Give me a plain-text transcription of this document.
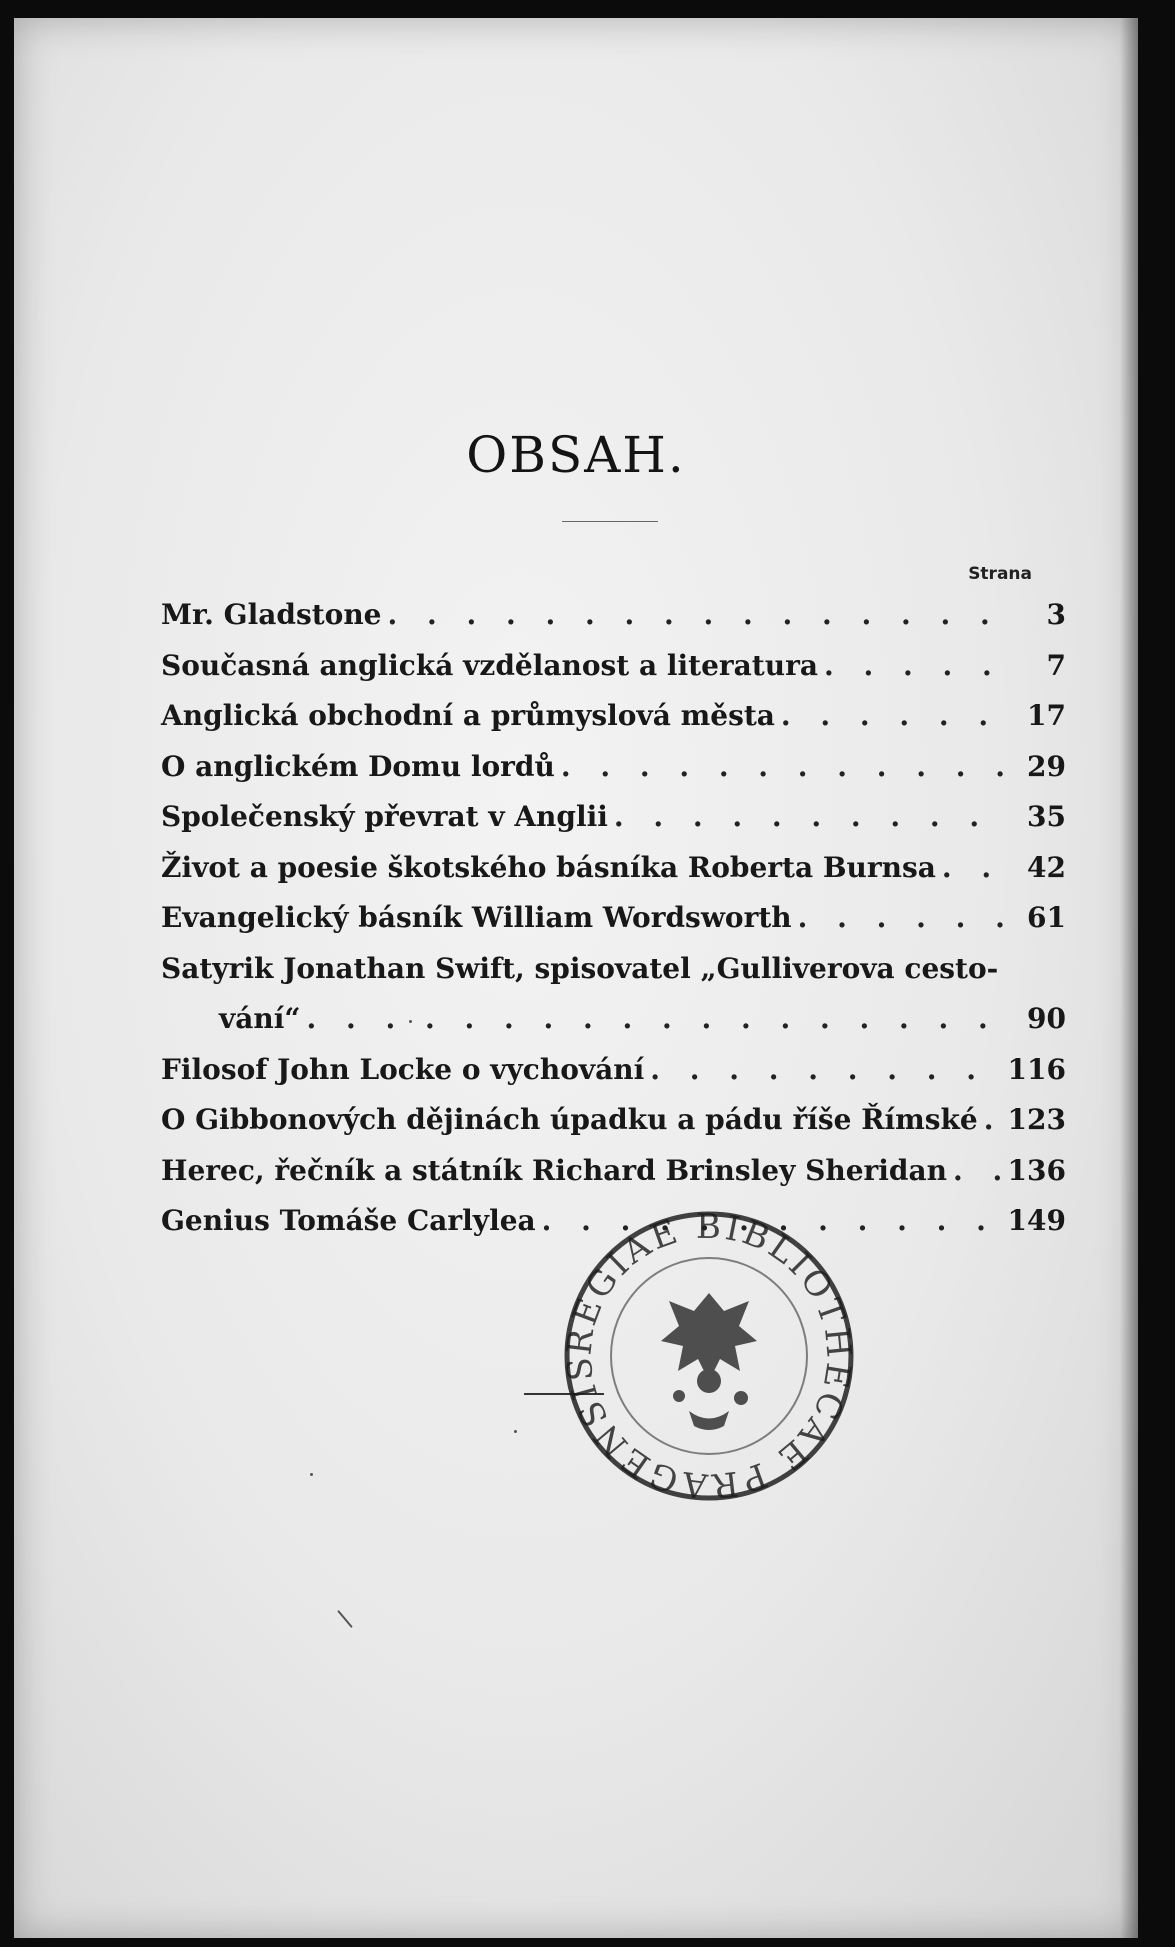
OBSAH.
Strana
Mr. Gladstone . . .	3
Současná anglická vzdělanost a literatura . . .	7
Anglická obchodní a průmyslová města . . .	17
O anglickém Domu lordů . . .	29
Společenský převrat v Anglii . . .	35
Život a poesie škotského básníka Roberta Burnsa . . .	42
Evangelický básník William Wordsworth . . .	61
Satyrik Jonathan Swift, spisovatel „Gulliverova cesto-
vání“ . . .	90
Filosof John Locke o vychování . . .	116
O Gibbonových dějinách úpadku a pádu říše Římské . . . 123
Herec, řečník a státník Richard Brinsley Sheridan . . . 136
Genius Tomáše Carlylea . . .	149
REGIAE BIBLIOTHECAE PRAGENSIS
